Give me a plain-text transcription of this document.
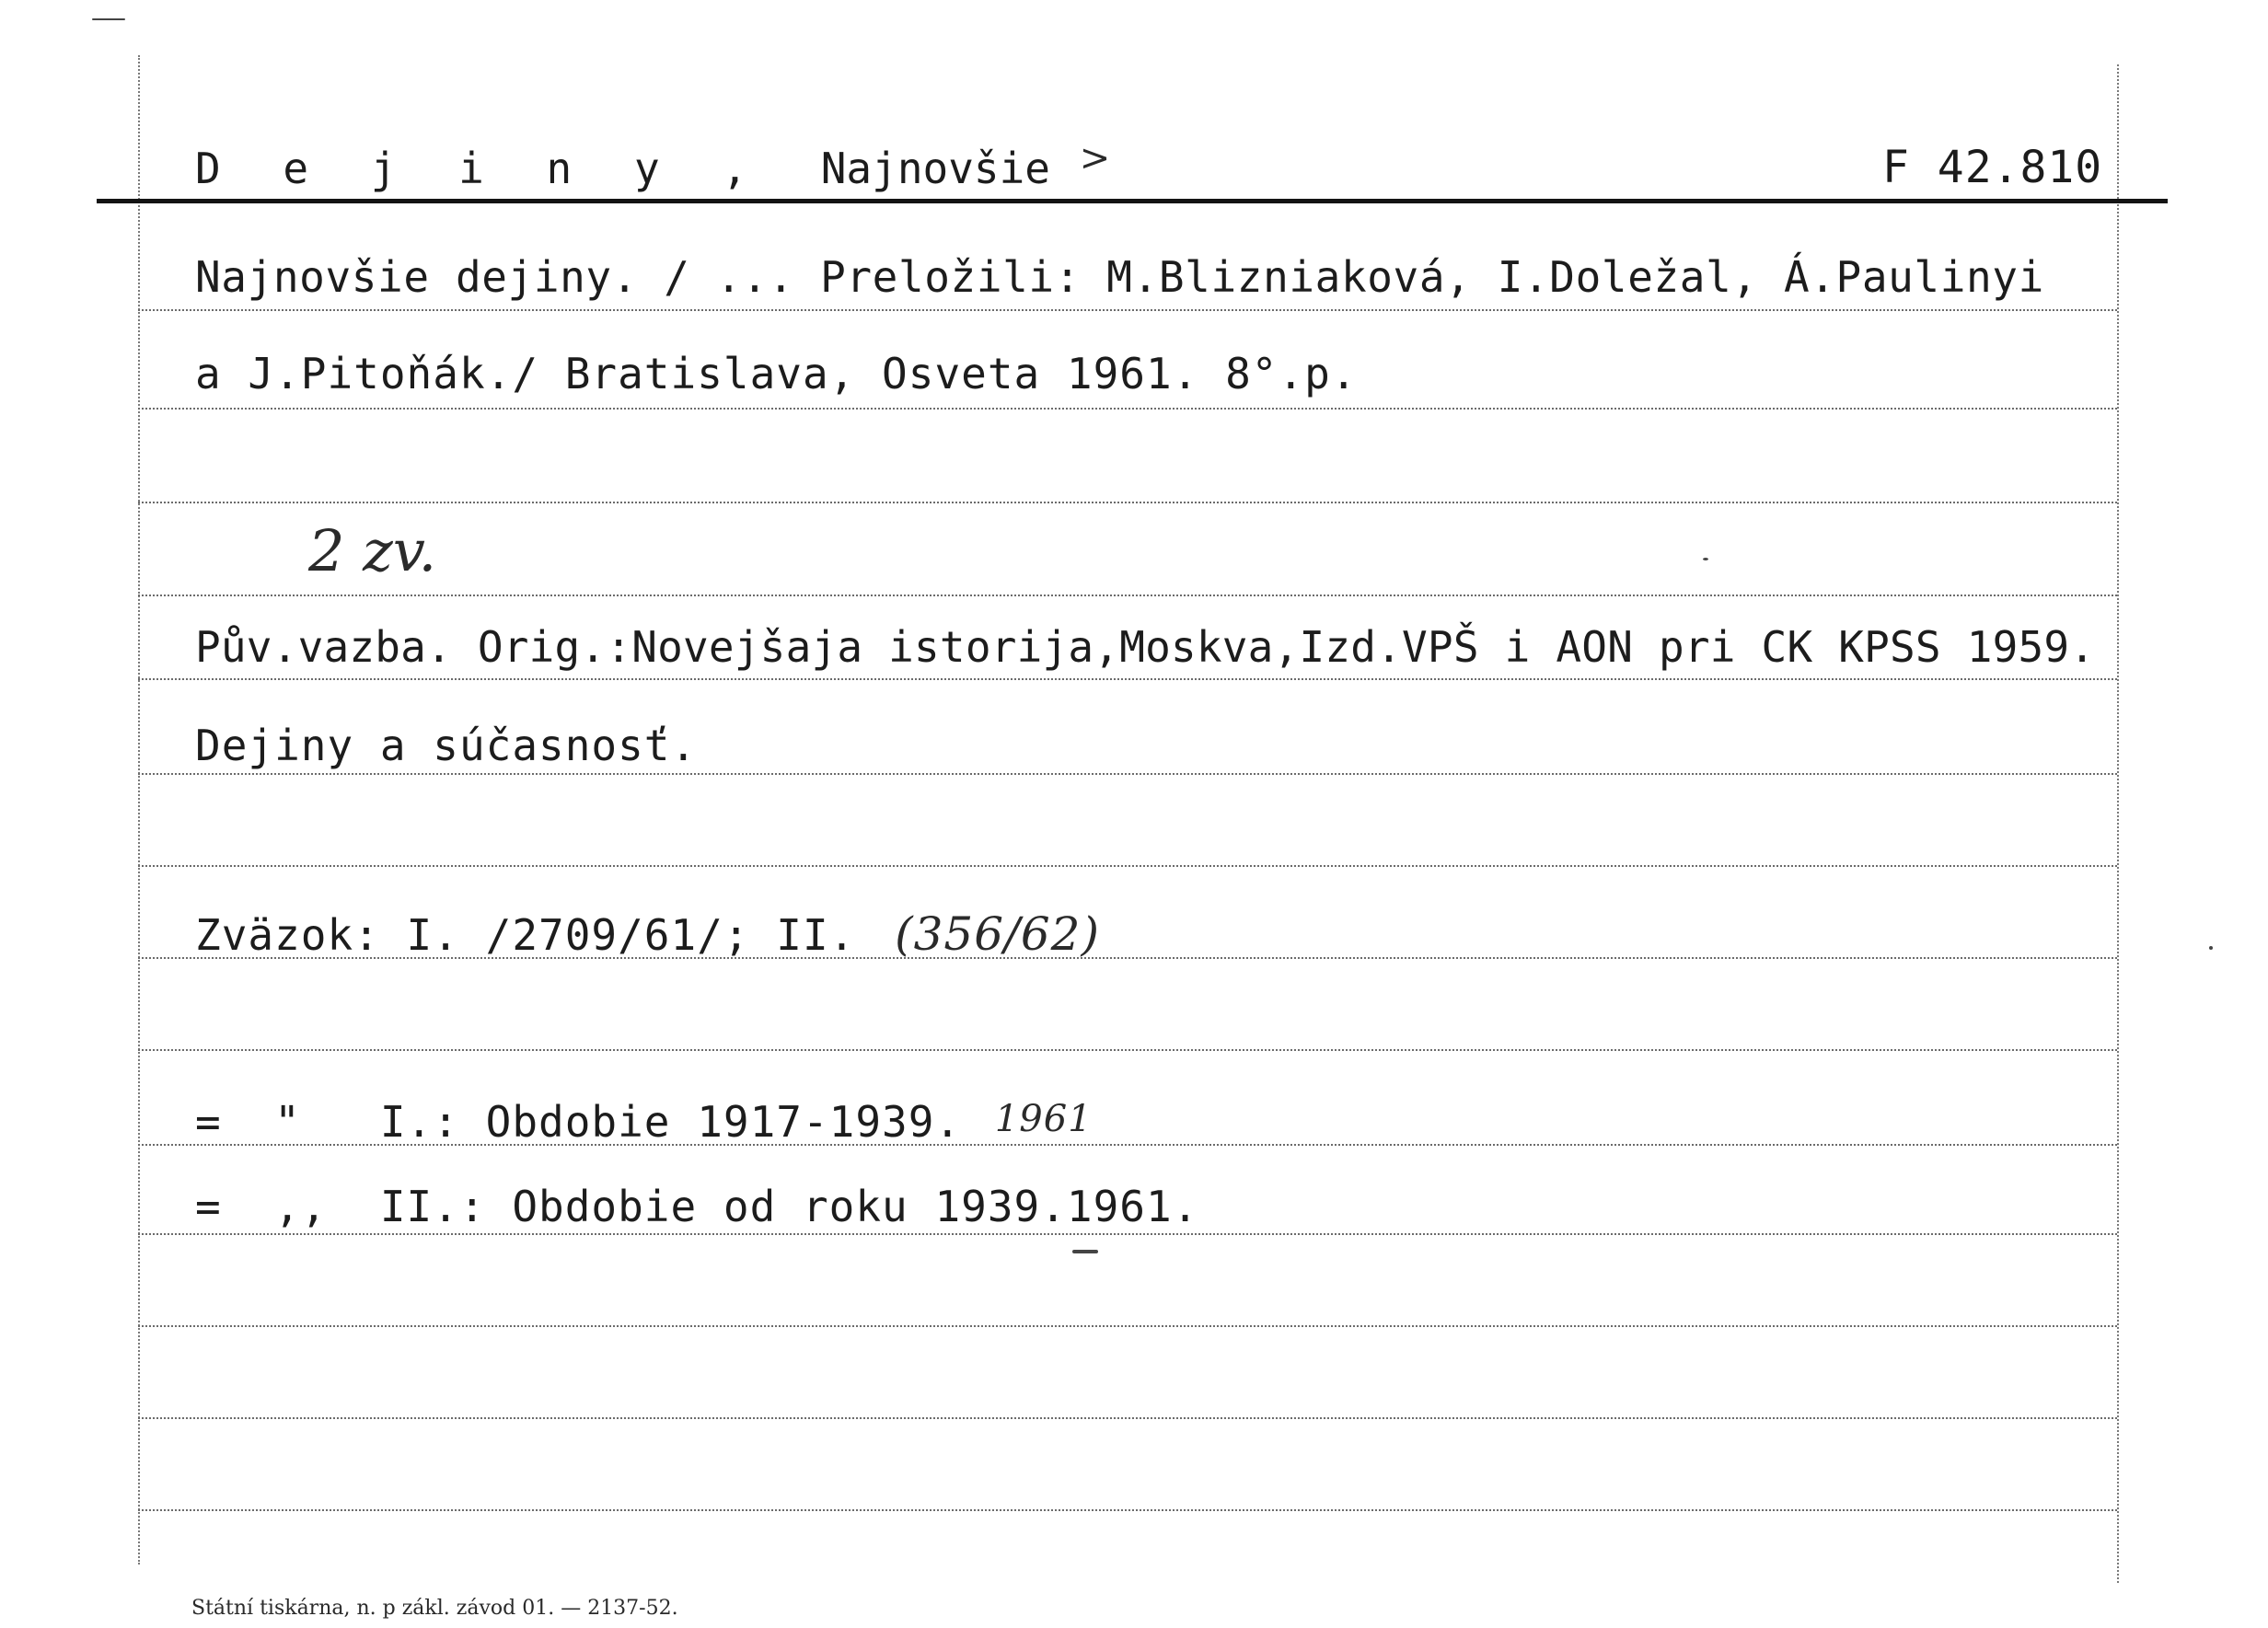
D e j i n y , Najnovšie >	F 42.810
Najnovšie dejiny. / ... Preložili: M.Blizniaková, I.Doležal, Á.Paulinyi
a J.Pitoňák./ Bratislava, Osveta 1961. 8°.p.
2 zv.
Pův.vazba. Orig.:Novejšaja istorija,Moskva,Izd.VPŠ i AON pri CK KPSS 1959.
Dejiny a súčasnosť.
Zväzok: I. /2709/61/; II. (356/62)
=  "   I.: Obdobie 1917-1939. 1961
=  ,,  II.: Obdobie od roku 1939.1961.
Státní tiskárna, n. p zákl. závod 01. — 2137-52.
